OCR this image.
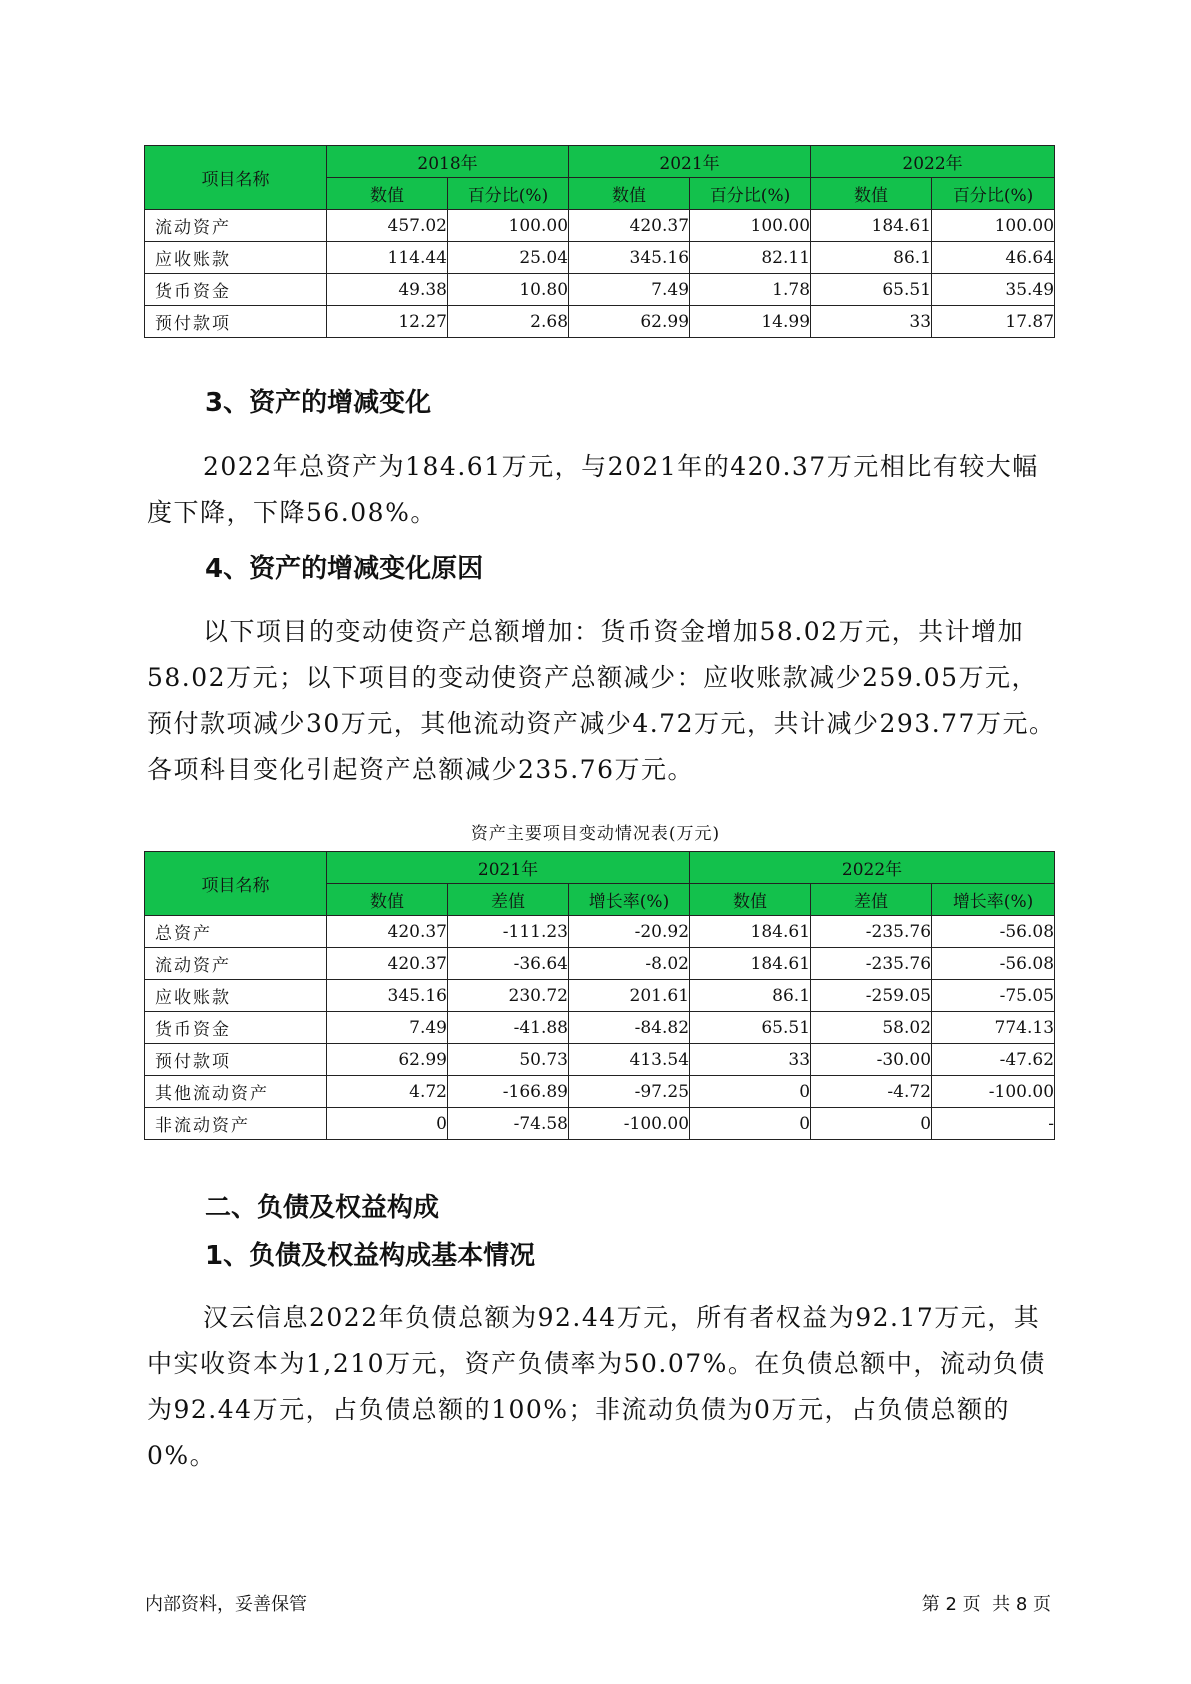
项目名称	2018年		2021年		2022年	
	数值	百分比(%)	数值	百分比(%)	数值	百分比(%)
流动资产	457.02	100.00	420.37	100.00	184.61	100.00
应收账款	114.44	25.04	345.16	82.11	86.1	46.64
货币资金	49.38	10.80	7.49	1.78	65.51	35.49
预付款项	12.27	2.68	62.99	14.99	33	17.87
3、资产的增减变化

2022年总资产为184.61万元，与2021年的420.37万元相比有较大幅度下降，下降56.08%。

4、资产的增减变化原因

以下项目的变动使资产总额增加：货币资金增加58.02万元，共计增加58.02万元；以下项目的变动使资产总额减少：应收账款减少259.05万元，预付款项减少30万元，其他流动资产减少4.72万元，共计减少293.77万元。各项科目变化引起资产总额减少235.76万元。

资产主要项目变动情况表(万元)

项目名称	2021年			2022年		
	数值	差值	增长率(%)	数值	差值	增长率(%)
总资产	420.37	-111.23	-20.92	184.61	-235.76	-56.08
流动资产	420.37	-36.64	-8.02	184.61	-235.76	-56.08
应收账款	345.16	230.72	201.61	86.1	-259.05	-75.05
货币资金	7.49	-41.88	-84.82	65.51	58.02	774.13
预付款项	62.99	50.73	413.54	33	-30.00	-47.62
其他流动资产	4.72	-166.89	-97.25	0	-4.72	-100.00
非流动资产	0	-74.58	-100.00	0	0	-
二、负债及权益构成
1、负债及权益构成基本情况

汉云信息2022年负债总额为92.44万元，所有者权益为92.17万元，其中实收资本为1,210万元，资产负债率为50.07%。在负债总额中，流动负债为92.44万元，占负债总额的100%；非流动负债为0万元，占负债总额的0%。

内部资料，妥善保管	第 2 页  共 8 页
